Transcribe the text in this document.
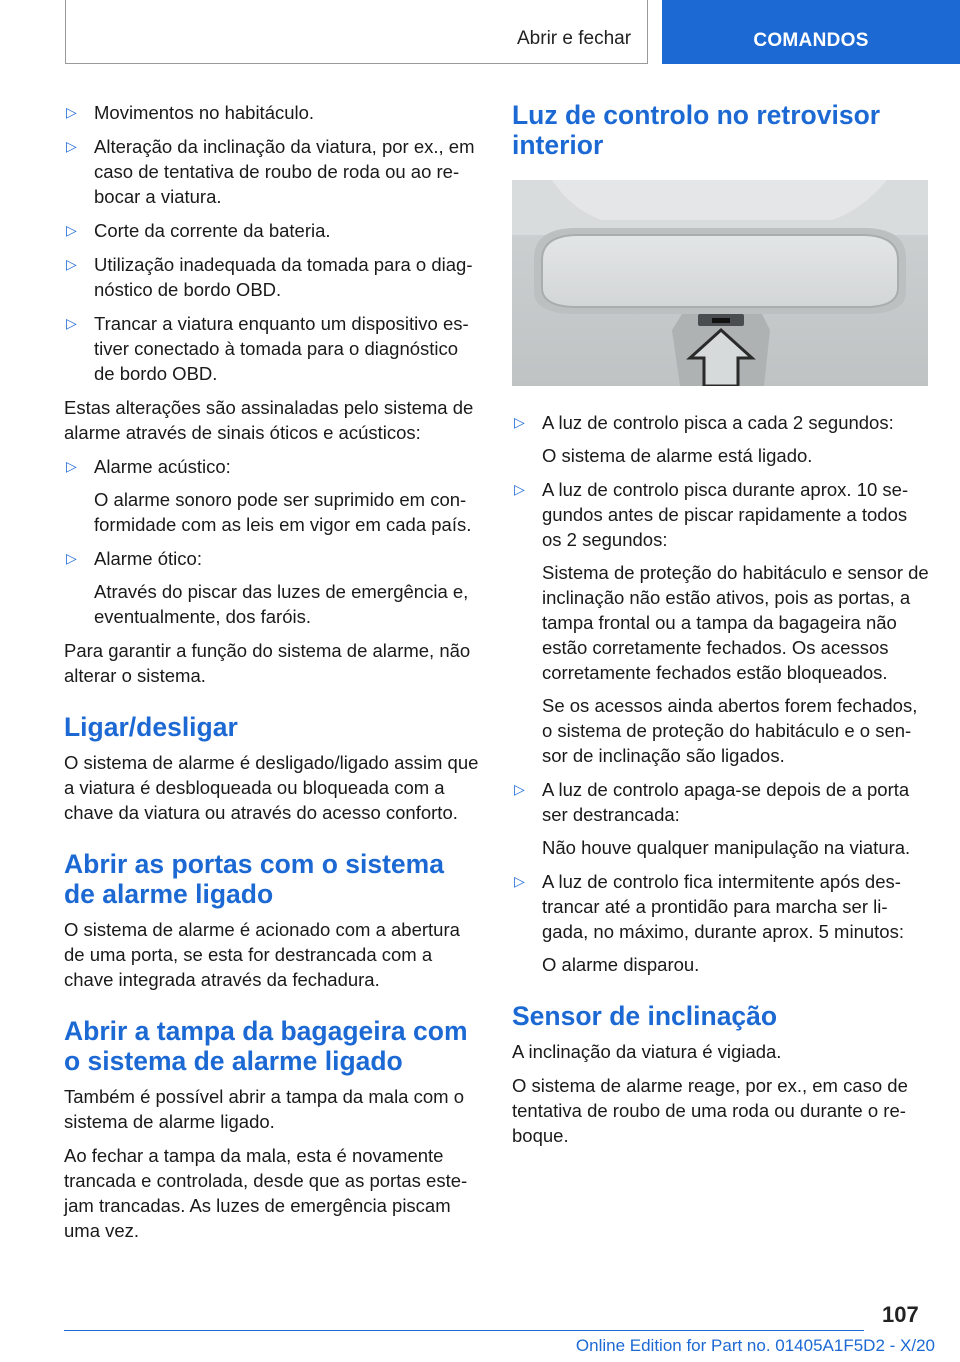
Abrir e fechar	COMANDOS
▷ Movimentos no habitáculo.
▷ Alteração da inclinação da viatura, por ex., em caso de tentativa de roubo de roda ou ao re-bocar a viatura.
▷ Corte da corrente da bateria.
▷ Utilização inadequada da tomada para o diag-nóstico de bordo OBD.
▷ Trancar a viatura enquanto um dispositivo es-tiver conectado à tomada para o diagnóstico de bordo OBD.

Estas alterações são assinaladas pelo sistema de alarme através de sinais óticos e acústicos:

▷ Alarme acústico:
O alarme sonoro pode ser suprimido em con-formidade com as leis em vigor em cada país.
▷ Alarme ótico:
Através do piscar das luzes de emergência e, eventualmente, dos faróis.

Para garantir a função do sistema de alarme, não alterar o sistema.

Ligar/desligar

O sistema de alarme é desligado/ligado assim que a viatura é desbloqueada ou bloqueada com a chave da viatura ou através do acesso conforto.

Abrir as portas com o sistema de alarme ligado

O sistema de alarme é acionado com a abertura de uma porta, se esta for destrancada com a chave integrada através da fechadura.

Abrir a tampa da bagageira com o sistema de alarme ligado

Também é possível abrir a tampa da mala com o sistema de alarme ligado.

Ao fechar a tampa da mala, esta é novamente trancada e controlada, desde que as portas este-jam trancadas. As luzes de emergência piscam uma vez.

Luz de controlo no retrovisor interior
▷ A luz de controlo pisca a cada 2 segundos:
O sistema de alarme está ligado.
▷ A luz de controlo pisca durante aprox. 10 se-gundos antes de piscar rapidamente a todos os 2 segundos:
Sistema de proteção do habitáculo e sensor de inclinação não estão ativos, pois as portas, a tampa frontal ou a tampa da bagageira não estão corretamente fechados. Os acessos corretamente fechados estão bloqueados.
Se os acessos ainda abertos forem fechados, o sistema de proteção do habitáculo e o sen-sor de inclinação são ligados.
▷ A luz de controlo apaga-se depois de a porta ser destrancada:
Não houve qualquer manipulação na viatura.
▷ A luz de controlo fica intermitente após des-trancar até a prontidão para marcha ser li-gada, no máximo, durante aprox. 5 minutos:
O alarme disparou.
Sensor de inclinação

A inclinação da viatura é vigiada.

O sistema de alarme reage, por ex., em caso de tentativa de roubo de uma roda ou durante o re-boque.

107
Online Edition for Part no. 01405A1F5D2 - X/20
